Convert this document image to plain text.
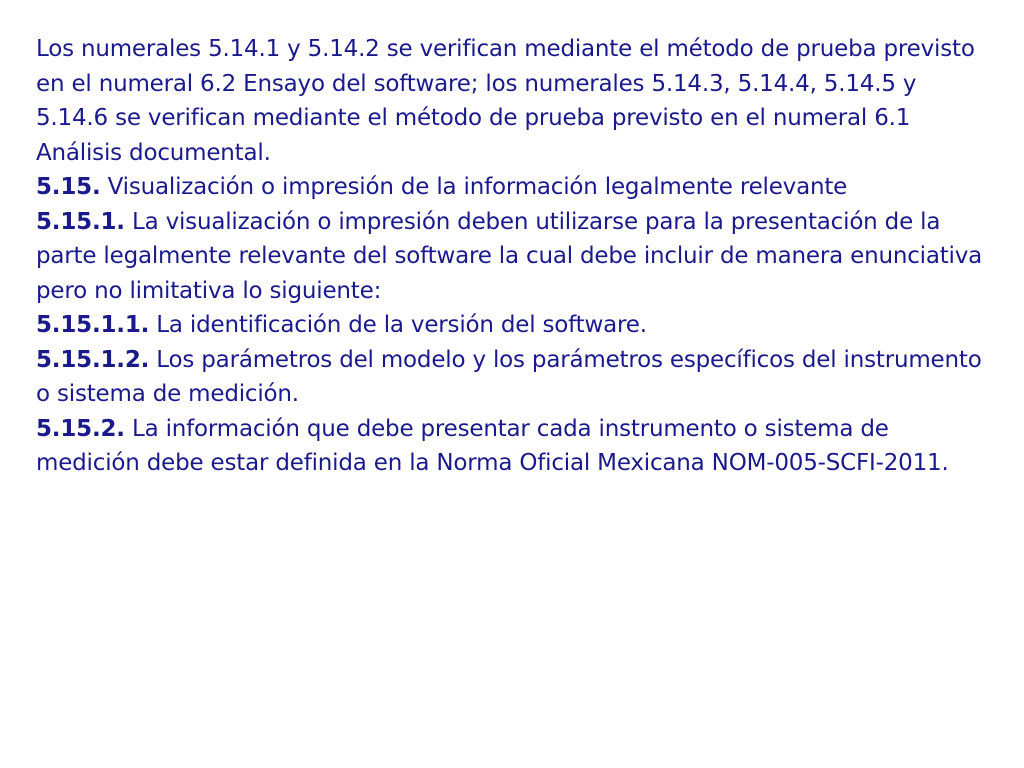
Los numerales 5.14.1 y 5.14.2 se verifican mediante el método de prueba previsto en el numeral 6.2 Ensayo del software; los numerales 5.14.3, 5.14.4, 5.14.5 y 5.14.6 se verifican mediante el método de prueba previsto en el numeral 6.1 Análisis documental.

5.15. Visualización o impresión de la información legalmente relevante

5.15.1. La visualización o impresión deben utilizarse para la presentación de la parte legalmente relevante del software la cual debe incluir de manera enunciativa pero no limitativa lo siguiente:

5.15.1.1. La identificación de la versión del software.

5.15.1.2. Los parámetros del modelo y los parámetros específicos del instrumento o sistema de medición.

5.15.2. La información que debe presentar cada instrumento o sistema de medición debe estar definida en la Norma Oficial Mexicana NOM-005-SCFI-2011.
